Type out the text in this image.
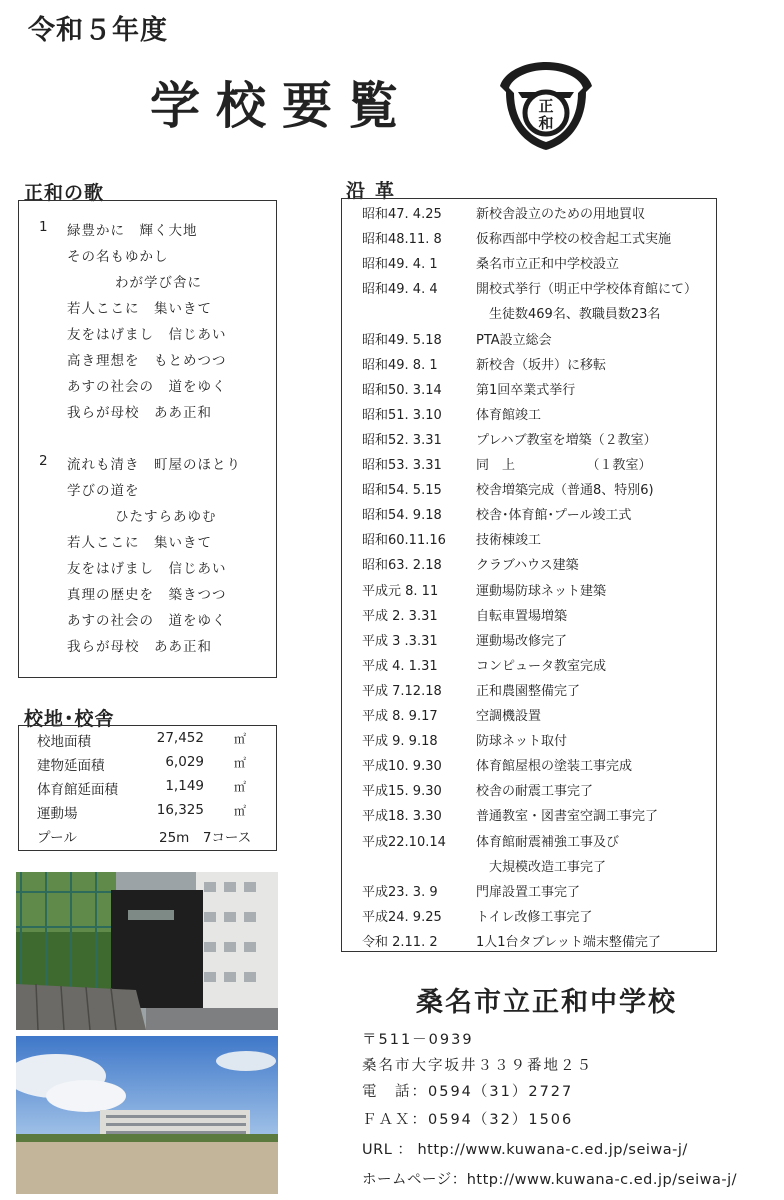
令和５年度
学校要覧	正
和
正和の歌
1 緑豊かに　輝く大地
その名もゆかし
わが学び舎に
若人ここに　集いきて
友をはげまし　信じあい
高き理想を　もとめつつ
あすの社会の　道をゆく
我らが母校　ああ正和
2 流れも清き　町屋のほとり
学びの道を
ひたすらあゆむ
若人ここに　集いきて
友をはげまし　信じあい
真理の歴史を　築きつつ
あすの社会の　道をゆく
我らが母校　ああ正和
校地･校舎
校地面積	27,452	㎡
建物延面積	6,029	㎡
体育館延面積	1,149	㎡
運動場	16,325	㎡
プール	25m　7コース
沿革
昭和47. 4.25	新校舎設立のための用地買収
昭和48.11. 8	仮称西部中学校の校舎起工式実施
昭和49. 4. 1	桑名市立正和中学校設立
昭和49. 4. 4	開校式挙行（明正中学校体育館にて）
　生徒数469名、教職員数23名
昭和49. 5.18	PTA設立総会
昭和49. 8. 1	新校舎（坂井）に移転
昭和50. 3.14	第1回卒業式挙行
昭和51. 3.10	体育館竣工
昭和52. 3.31	プレハブ教室を増築（２教室）
昭和53. 3.31	同　上　　　　　　（１教室）
昭和54. 5.15	校舎増築完成（普通8、特別6)
昭和54. 9.18	校舎･体育館･プール竣工式
昭和60.11.16 技術棟竣工
昭和63. 2.18	クラブハウス建築
平成元 8. 11	運動場防球ネット建築
平成 2. 3.31	自転車置場増築
平成 3 .3.31	運動場改修完了
平成 4. 1.31	コンピュータ教室完成
平成 7.12.18	正和農園整備完了
平成 8. 9.17	空調機設置
平成 9. 9.18	防球ネット取付
平成10. 9.30	体育館屋根の塗装工事完成
平成15. 9.30	校舎の耐震工事完了
平成18. 3.30	普通教室・図書室空調工事完了
平成22.10.14 体育館耐震補強工事及び
　大規模改造工事完了
平成23. 3. 9	門扉設置工事完了
平成24. 9.25	トイレ改修工事完了
令和 2.11. 2	1人1台タブレット端末整備完了
桑名市立正和中学校
〒511－0939
桑名市大字坂井３３９番地２５
電　話：0594（31）2727
ＦＡＸ：0594（32）1506
URL ： http://www.kuwana-c.ed.jp/seiwa-j/
ホームページ：http://www.kuwana-c.ed.jp/seiwa-j/
